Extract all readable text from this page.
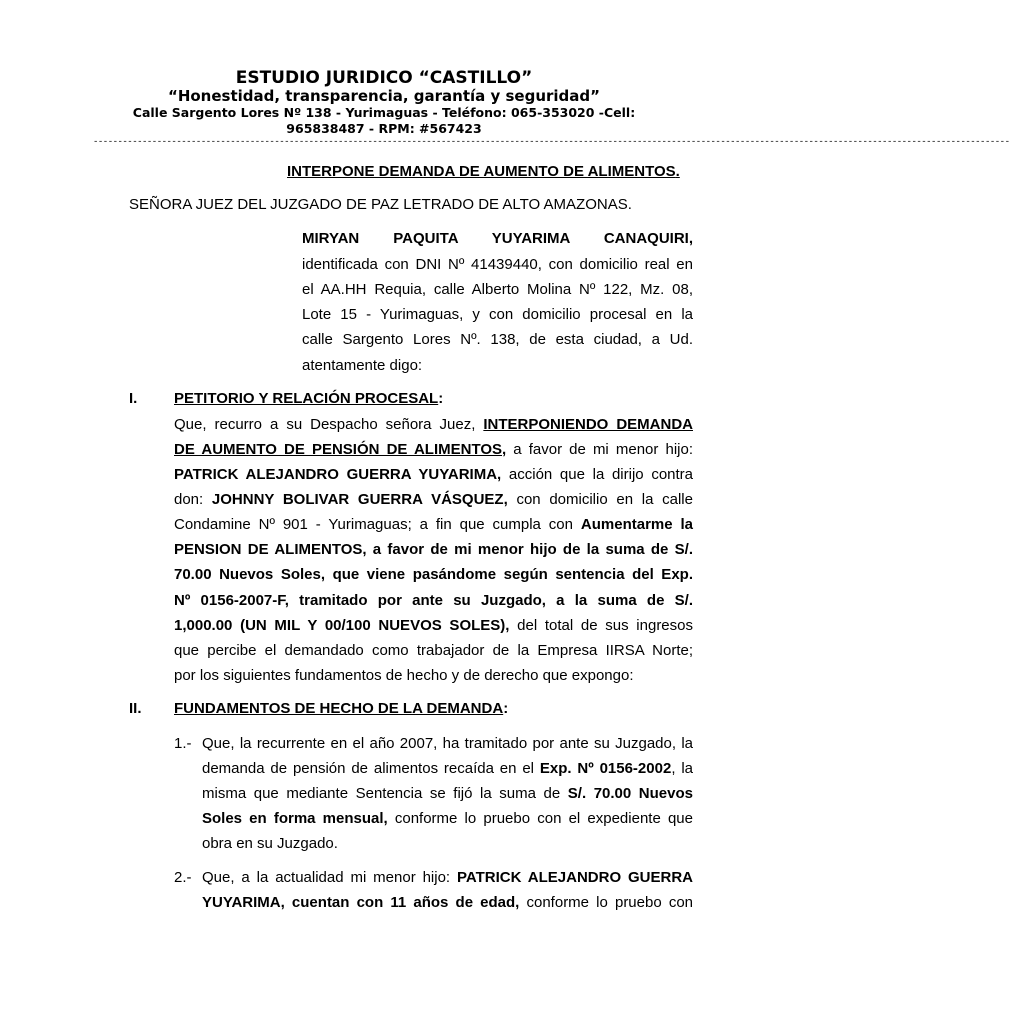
ESTUDIO JURIDICO “CASTILLO”
“Honestidad, transparencia, garantía y seguridad”
Calle Sargento Lores Nº 138 - Yurimaguas - Teléfono: 065-353020 -Cell:
965838487 - RPM: #567423
-------------------------------------------------------------------------------------------------------------------------------------------------------------------------------------------
INTERPONE DEMANDA DE AUMENTO DE ALIMENTOS.
SEÑORA JUEZ DEL JUZGADO DE PAZ LETRADO DE ALTO AMAZONAS.
MIRYAN PAQUITA YUYARIMA CANAQUIRI,
identificada con DNI Nº 41439440, con domicilio real en
el AA.HH Requia, calle Alberto Molina Nº 122, Mz. 08,
Lote 15 - Yurimaguas, y con domicilio procesal en la
calle Sargento Lores Nº. 138, de esta ciudad, a Ud.
atentamente digo:
I. PETITORIO Y RELACIÓN PROCESAL:
Que, recurro a su Despacho señora Juez, INTERPONIENDO DEMANDA
DE AUMENTO DE PENSIÓN DE ALIMENTOS, a favor de mi menor hijo:
PATRICK ALEJANDRO GUERRA YUYARIMA, acción que la dirijo contra
don: JOHNNY BOLIVAR GUERRA VÁSQUEZ, con domicilio en la calle
Condamine Nº 901 - Yurimaguas; a fin que cumpla con Aumentarme la
PENSION DE ALIMENTOS, a favor de mi menor hijo de la suma de S/.
70.00 Nuevos Soles, que viene pasándome según sentencia del Exp.
Nº 0156-2007-F, tramitado por ante su Juzgado, a la suma de S/.
1,000.00 (UN MIL Y 00/100 NUEVOS SOLES), del total de sus ingresos
que percibe el demandado como trabajador de la Empresa IIRSA Norte;
por los siguientes fundamentos de hecho y de derecho que expongo:
II. FUNDAMENTOS DE HECHO DE LA DEMANDA:
1.- Que, la recurrente en el año 2007, ha tramitado por ante su Juzgado, la
demanda de pensión de alimentos recaída en el Exp. Nº 0156-2002, la
misma que mediante Sentencia se fijó la suma de S/. 70.00 Nuevos
Soles en forma mensual, conforme lo pruebo con el expediente que
obra en su Juzgado.
2.- Que, a la actualidad mi menor hijo: PATRICK ALEJANDRO GUERRA
YUYARIMA, cuentan con 11 años de edad, conforme lo pruebo con
